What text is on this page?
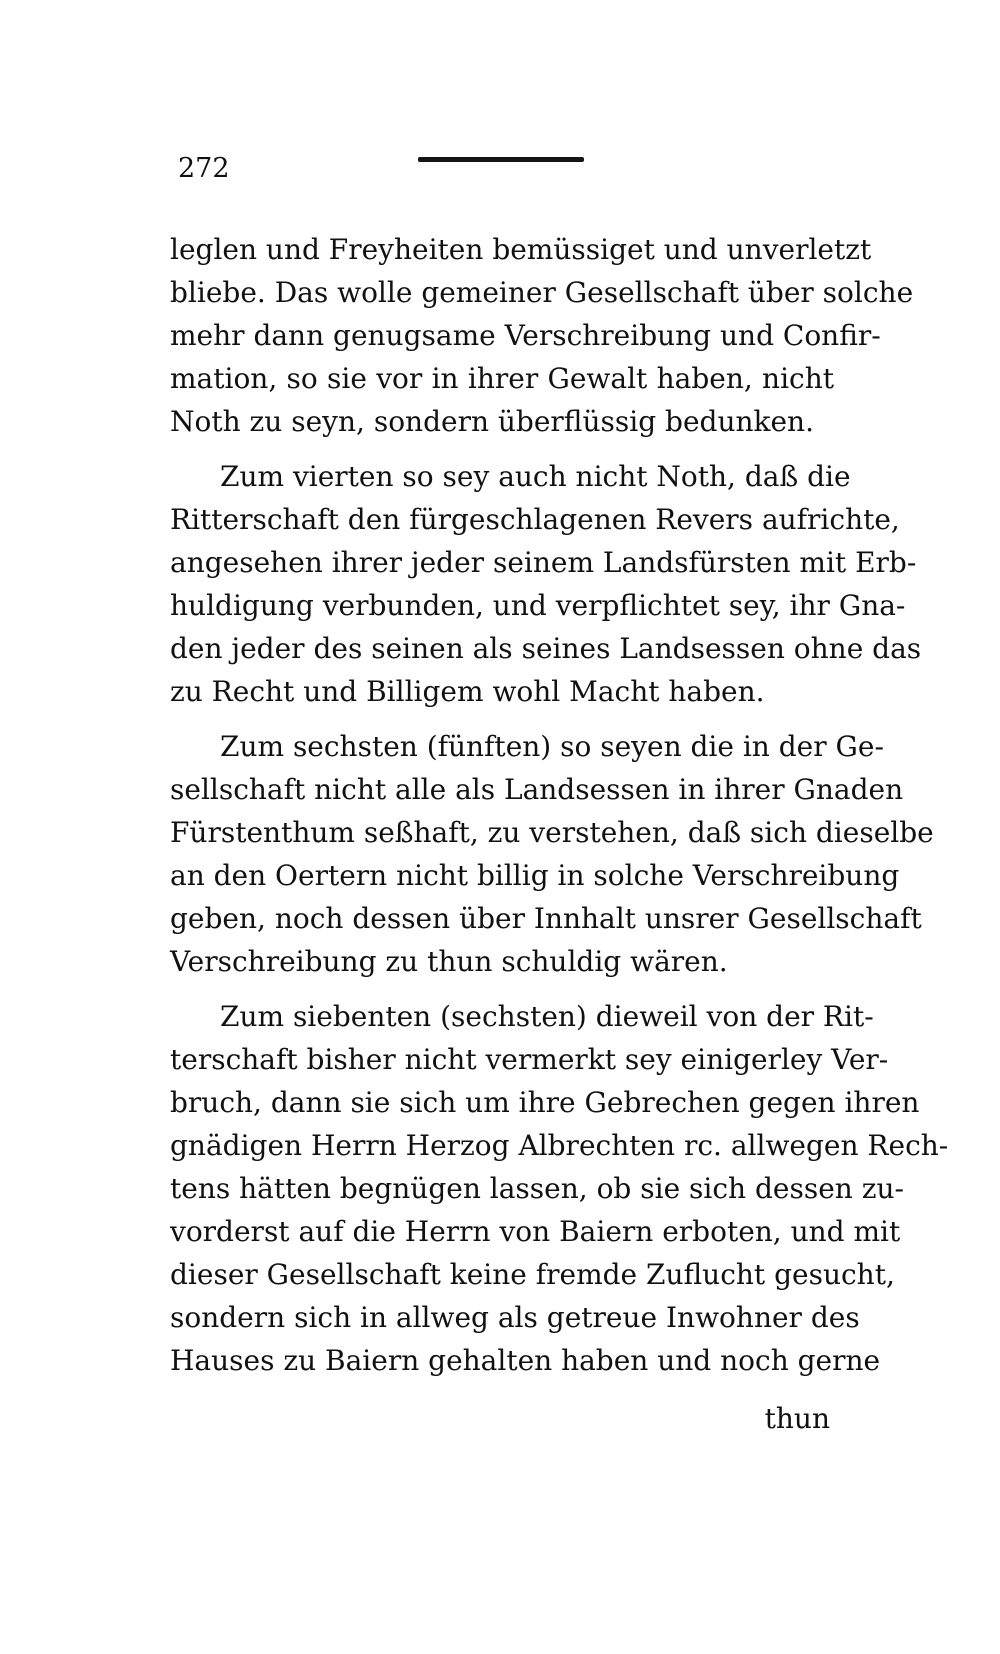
272
leglen und Freyheiten bemüssiget und unverletzt
bliebe. Das wolle gemeiner Gesellschaft über solche
mehr dann genugsame Verschreibung und Confir-
mation, so sie vor in ihrer Gewalt haben, nicht
Noth zu seyn, sondern überflüssig bedunken.
Zum vierten so sey auch nicht Noth, daß die
Ritterschaft den fürgeschlagenen Revers aufrichte,
angesehen ihrer jeder seinem Landsfürsten mit Erb-
huldigung verbunden, und verpflichtet sey, ihr Gna-
den jeder des seinen als seines Landsessen ohne das
zu Recht und Billigem wohl Macht haben.
Zum sechsten (fünften) so seyen die in der Ge-
sellschaft nicht alle als Landsessen in ihrer Gnaden
Fürstenthum seßhaft, zu verstehen, daß sich dieselbe
an den Oertern nicht billig in solche Verschreibung
geben, noch dessen über Innhalt unsrer Gesellschaft
Verschreibung zu thun schuldig wären.
Zum siebenten (sechsten) dieweil von der Rit-
terschaft bisher nicht vermerkt sey einigerley Ver-
bruch, dann sie sich um ihre Gebrechen gegen ihren
gnädigen Herrn Herzog Albrechten rc. allwegen Rech-
tens hätten begnügen lassen, ob sie sich dessen zu-
vorderst auf die Herrn von Baiern erboten, und mit
dieser Gesellschaft keine fremde Zuflucht gesucht,
sondern sich in allweg als getreue Inwohner des
Hauses zu Baiern gehalten haben und noch gerne
thun
